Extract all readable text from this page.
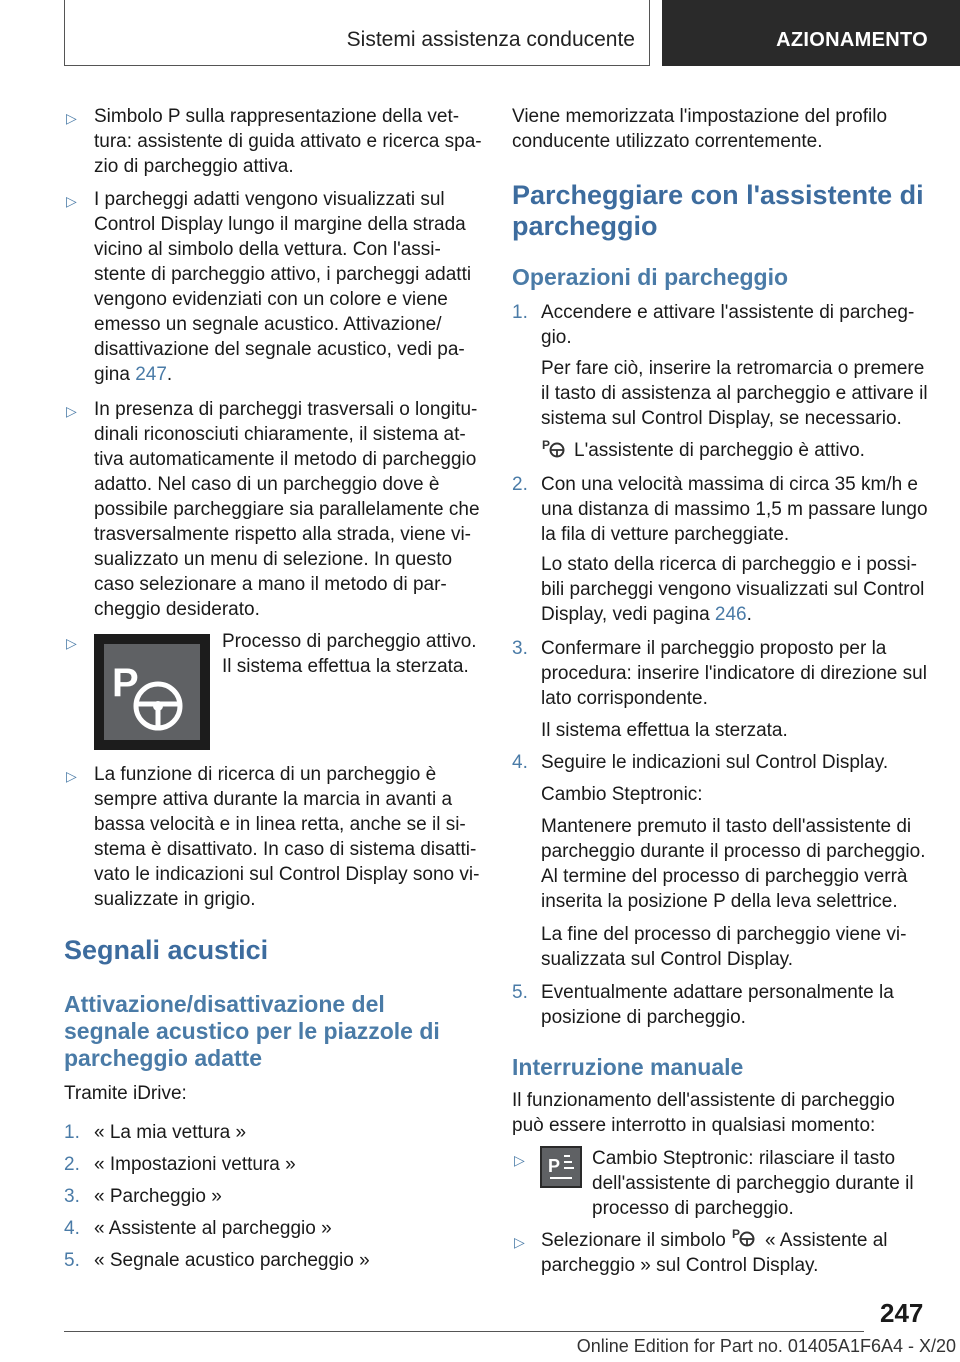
Sistemi assistenza conducente	AZIONAMENTO
▷ Simbolo P sulla rappresentazione della vet-
tura: assistente di guida attivato e ricerca spa-
zio di parcheggio attiva.
▷ I parcheggi adatti vengono visualizzati sul
Control Display lungo il margine della strada
vicino al simbolo della vettura. Con l'assi-
stente di parcheggio attivo, i parcheggi adatti
vengono evidenziati con un colore e viene
emesso un segnale acustico. Attivazione/
disattivazione del segnale acustico, vedi pa-
gina 247.
▷ In presenza di parcheggi trasversali o longitu-
dinali riconosciuti chiaramente, il sistema at-
tiva automaticamente il metodo di parcheggio
adatto. Nel caso di un parcheggio dove è
possibile parcheggiare sia parallelamente che
trasversalmente rispetto alla strada, viene vi-
sualizzato un menu di selezione. In questo
caso selezionare a mano il metodo di par-
cheggio desiderato.
▷
P
Processo di parcheggio attivo.
Il sistema effettua la sterzata.
▷ La funzione di ricerca di un parcheggio è
sempre attiva durante la marcia in avanti a
bassa velocità e in linea retta, anche se il si-
stema è disattivato. In caso di sistema disatti-
vato le indicazioni sul Control Display sono vi-
sualizzate in grigio.
Segnali acustici
Attivazione/disattivazione del
segnale acustico per le piazzole di
parcheggio adatte
Tramite iDrive:
1. « La mia vettura »
2. « Impostazioni vettura »
3. « Parcheggio »
4. « Assistente al parcheggio »
5. « Segnale acustico parcheggio »
Viene memorizzata l'impostazione del profilo
conducente utilizzato correntemente.
Parcheggiare con l'assistente di
parcheggio
Operazioni di parcheggio
1. Accendere e attivare l'assistente di parcheg-
gio.
Per fare ciò, inserire la retromarcia o premere
il tasto di assistenza al parcheggio e attivare il
sistema sul Control Display, se necessario.
P L'assistente di parcheggio è attivo.
2. Con una velocità massima di circa 35 km/h e
una distanza di massimo 1,5 m passare lungo
la fila di vetture parcheggiate.
Lo stato della ricerca di parcheggio e i possi-
bili parcheggi vengono visualizzati sul Control
Display, vedi pagina 246.
3. Confermare il parcheggio proposto per la
procedura: inserire l'indicatore di direzione sul
lato corrispondente.
Il sistema effettua la sterzata.
4. Seguire le indicazioni sul Control Display.
Cambio Steptronic:
Mantenere premuto il tasto dell'assistente di
parcheggio durante il processo di parcheggio.
Al termine del processo di parcheggio verrà
inserita la posizione P della leva selettrice.
La fine del processo di parcheggio viene vi-
sualizzata sul Control Display.
5. Eventualmente adattare personalmente la
posizione di parcheggio.
Interruzione manuale
Il funzionamento dell'assistente di parcheggio
può essere interrotto in qualsiasi momento:
▷ P Cambio Steptronic: rilasciare il tasto
dell'assistente di parcheggio durante il
processo di parcheggio.
▷ Selezionare il simbolo P	« Assistente al
parcheggio » sul Control Display.
247
Online Edition for Part no. 01405A1F6A4 - X/20
